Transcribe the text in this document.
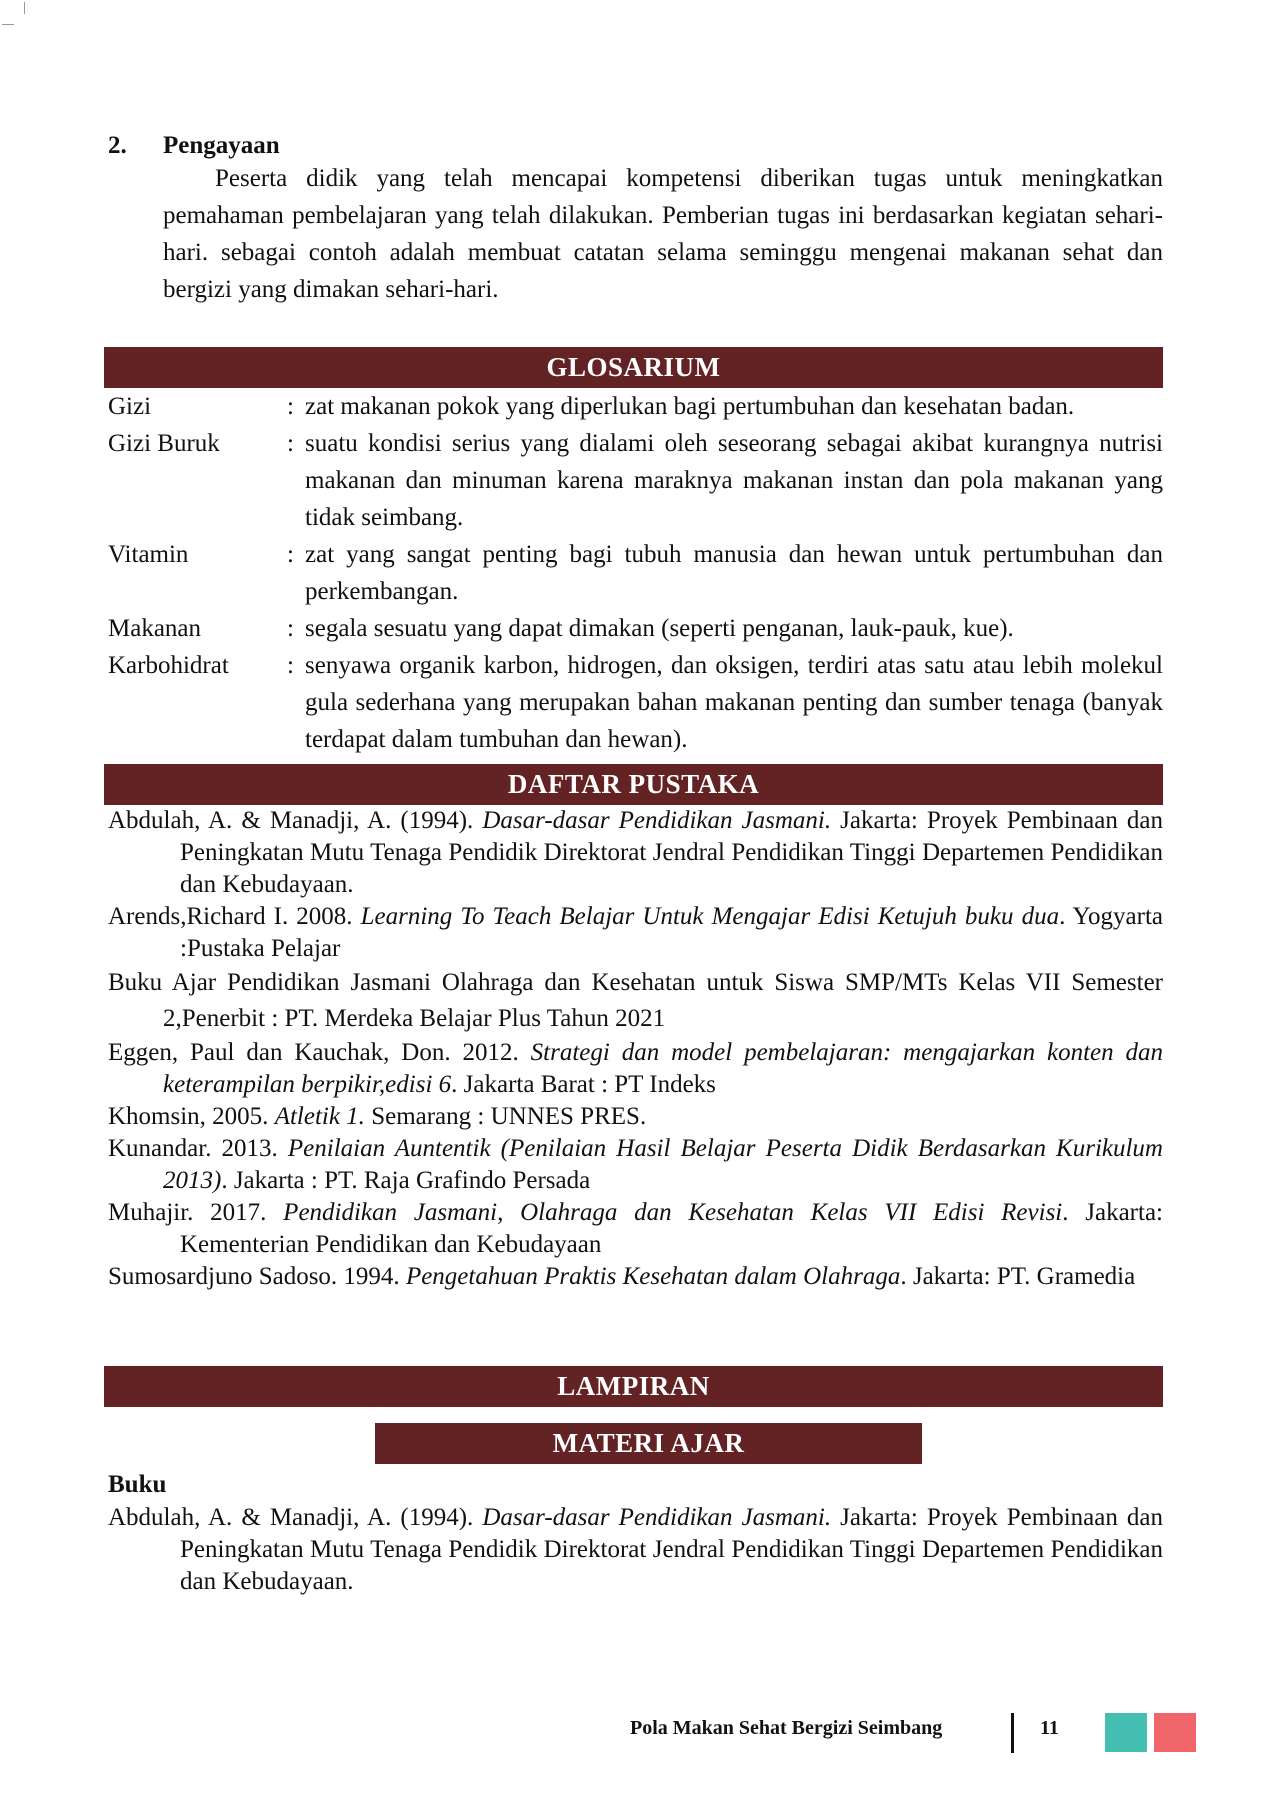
2. Pengayaan
Peserta didik yang telah mencapai kompetensi diberikan tugas untuk meningkatkan pemahaman pembelajaran yang telah dilakukan. Pemberian tugas ini berdasarkan kegiatan sehari-hari. sebagai contoh adalah membuat catatan selama seminggu mengenai makanan sehat dan bergizi yang dimakan sehari-hari.
GLOSARIUM
Gizi	: zat makanan pokok yang diperlukan bagi pertumbuhan dan kesehatan badan.
Gizi Buruk	: suatu kondisi serius yang dialami oleh seseorang sebagai akibat kurangnya nutrisi makanan dan minuman karena maraknya makanan instan dan pola makanan yang tidak seimbang.
Vitamin	: zat yang sangat penting bagi tubuh manusia dan hewan untuk pertumbuhan dan perkembangan.
Makanan	: segala sesuatu yang dapat dimakan (seperti penganan, lauk-pauk, kue).
Karbohidrat : senyawa organik karbon, hidrogen, dan oksigen, terdiri atas satu atau lebih molekul gula sederhana yang merupakan bahan makanan penting dan sumber tenaga (banyak terdapat dalam tumbuhan dan hewan).
DAFTAR PUSTAKA
Abdulah, A. & Manadji, A. (1994). Dasar-dasar Pendidikan Jasmani. Jakarta: Proyek Pembinaan dan Peningkatan Mutu Tenaga Pendidik Direktorat Jendral Pendidikan Tinggi Departemen Pendidikan dan Kebudayaan.
Arends,Richard I. 2008. Learning To Teach Belajar Untuk Mengajar Edisi Ketujuh buku dua. Yogyarta :Pustaka Pelajar
Buku Ajar Pendidikan Jasmani Olahraga dan Kesehatan untuk Siswa SMP/MTs Kelas VII Semester 2,Penerbit : PT. Merdeka Belajar Plus Tahun 2021
Eggen, Paul dan Kauchak, Don. 2012. Strategi dan model pembelajaran: mengajarkan konten dan keterampilan berpikir,edisi 6. Jakarta Barat : PT Indeks
Khomsin, 2005. Atletik 1. Semarang : UNNES PRES.
Kunandar. 2013. Penilaian Auntentik (Penilaian Hasil Belajar Peserta Didik Berdasarkan Kurikulum 2013). Jakarta : PT. Raja Grafindo Persada
Muhajir. 2017. Pendidikan Jasmani, Olahraga dan Kesehatan Kelas VII Edisi Revisi. Jakarta: Kementerian Pendidikan dan Kebudayaan
Sumosardjuno Sadoso. 1994. Pengetahuan Praktis Kesehatan dalam Olahraga. Jakarta: PT. Gramedia
LAMPIRAN
MATERI AJAR
Buku
Abdulah, A. & Manadji, A. (1994). Dasar-dasar Pendidikan Jasmani. Jakarta: Proyek Pembinaan dan Peningkatan Mutu Tenaga Pendidik Direktorat Jendral Pendidikan Tinggi Departemen Pendidikan dan Kebudayaan.
Pola Makan Sehat Bergizi Seimbang	11
